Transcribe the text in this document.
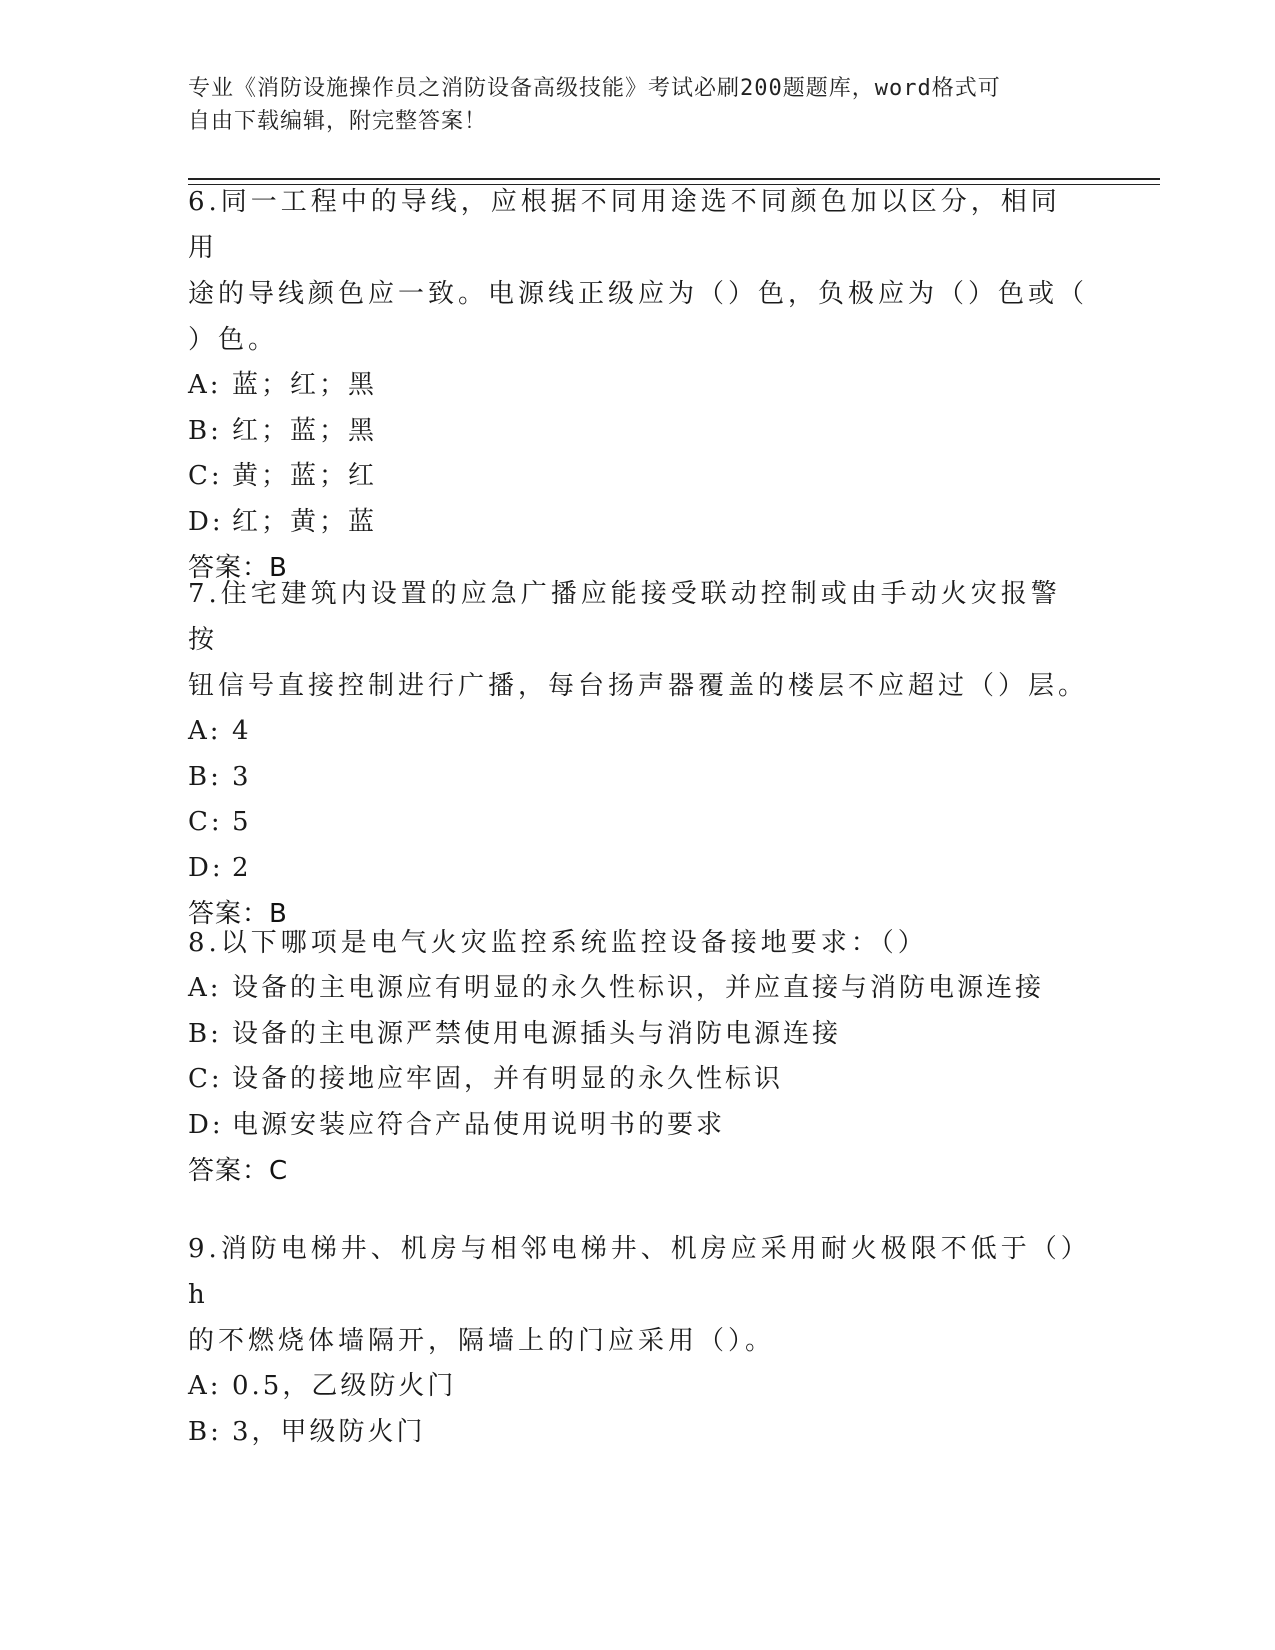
专业《消防设施操作员之消防设备高级技能》考试必刷200题题库，word格式可
自由下载编辑，附完整答案！
6.同一工程中的导线，应根据不同用途选不同颜色加以区分，相同用
途的导线颜色应一致。电源线正级应为（）色，负极应为（）色或（
）色。
A: 蓝；红；黑
B: 红；蓝；黑
C: 黄；蓝；红
D: 红；黄；蓝
答案：B
7.住宅建筑内设置的应急广播应能接受联动控制或由手动火灾报警按
钮信号直接控制进行广播，每台扬声器覆盖的楼层不应超过（）层。
A: 4
B: 3
C: 5
D: 2
答案：B
8.以下哪项是电气火灾监控系统监控设备接地要求：（）
A: 设备的主电源应有明显的永久性标识，并应直接与消防电源连接
B: 设备的主电源严禁使用电源插头与消防电源连接
C: 设备的接地应牢固，并有明显的永久性标识
D: 电源安装应符合产品使用说明书的要求
答案：C
9.消防电梯井、机房与相邻电梯井、机房应采用耐火极限不低于（）h
的不燃烧体墙隔开，隔墙上的门应采用（）。
A: 0.5，乙级防火门
B: 3，甲级防火门
